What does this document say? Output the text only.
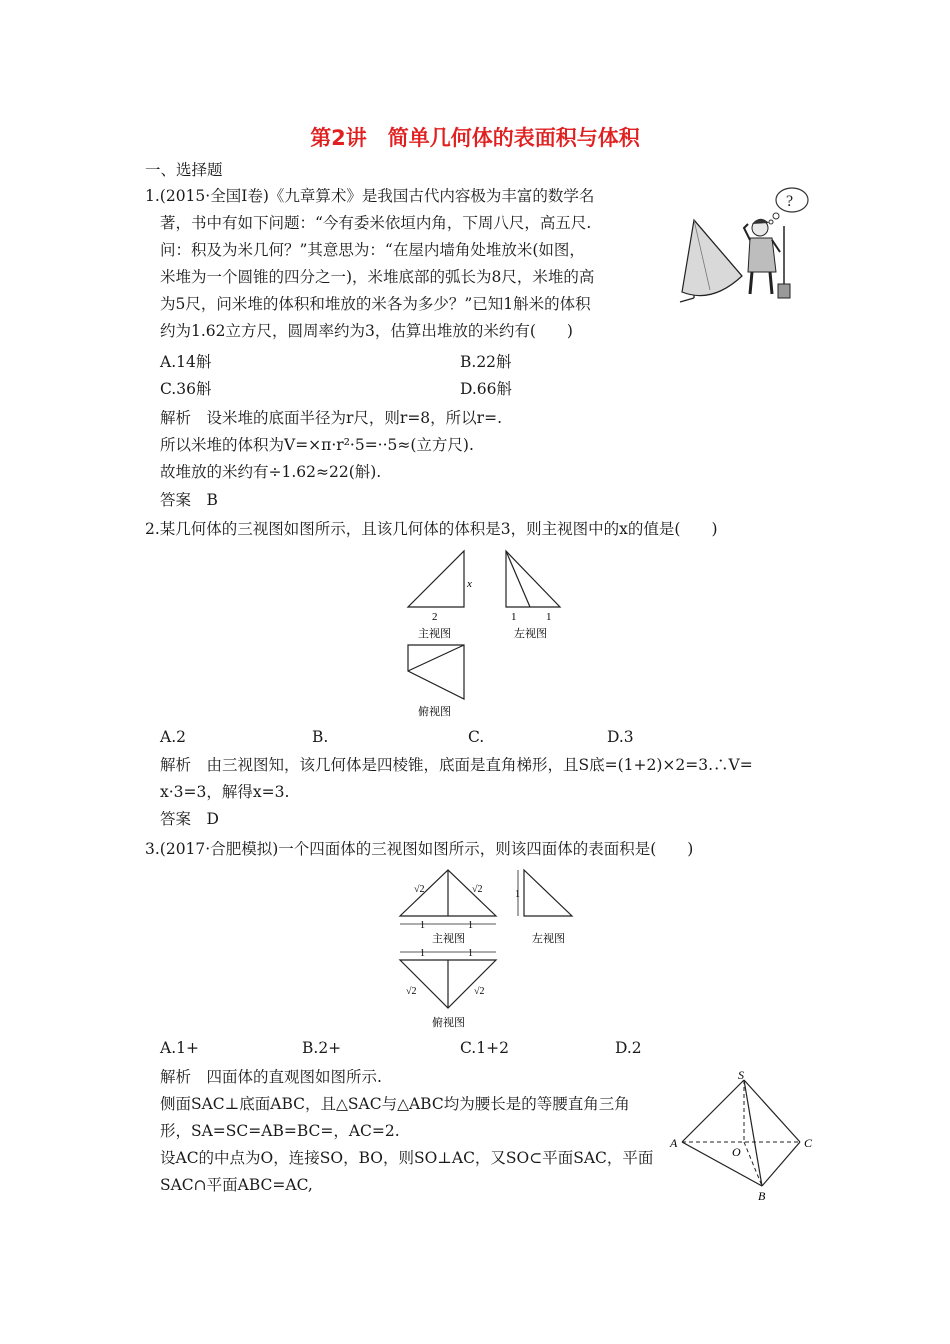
第2讲　简单几何体的表面积与体积
一、选择题
1.(2015·全国Ⅰ卷)《九章算术》是我国古代内容极为丰富的数学名
著，书中有如下问题：“今有委米依垣内角，下周八尺，高五尺.
问：积及为米几何？”其意思为：“在屋内墙角处堆放米(如图，
米堆为一个圆锥的四分之一)，米堆底部的弧长为8尺，米堆的高
为5尺，问米堆的体积和堆放的米各为多少？”已知1斛米的体积
约为1.62立方尺，圆周率约为3，估算出堆放的米约有(　　)
?
A.14斛	B.22斛
C.36斛	D.66斛
解析　设米堆的底面半径为r尺，则r=8，所以r=.
所以米堆的体积为V=×π·r²·5=··5≈(立方尺).
故堆放的米约有÷1.62≈22(斛).
答案　B
2.某几何体的三视图如图所示，且该几何体的体积是3，则主视图中的x的值是(　　)
x
2
主视图
1	1
左视图
俯视图
A.2	B.	C.	D.3
解析　由三视图知，该几何体是四棱锥，底面是直角梯形，且S底=(1+2)×2=3.∴V=
x·3=3，解得x=3.
答案　D
3.(2017·合肥模拟)一个四面体的三视图如图所示，则该四面体的表面积是(　　)
√2	√2
1	1
主视图
1
左视图
1	1
√2	√2
俯视图
A.1+	B.2+	C.1+2	D.2
解析　四面体的直观图如图所示.
侧面SAC⊥底面ABC，且△SAC与△ABC均为腰长是的等腰直角三角
形，SA=SC=AB=BC=，AC=2.
设AC的中点为O，连接SO，BO，则SO⊥AC，又SO⊂平面SAC，平面
SAC∩平面ABC=AC,
S
A	C
B
O
